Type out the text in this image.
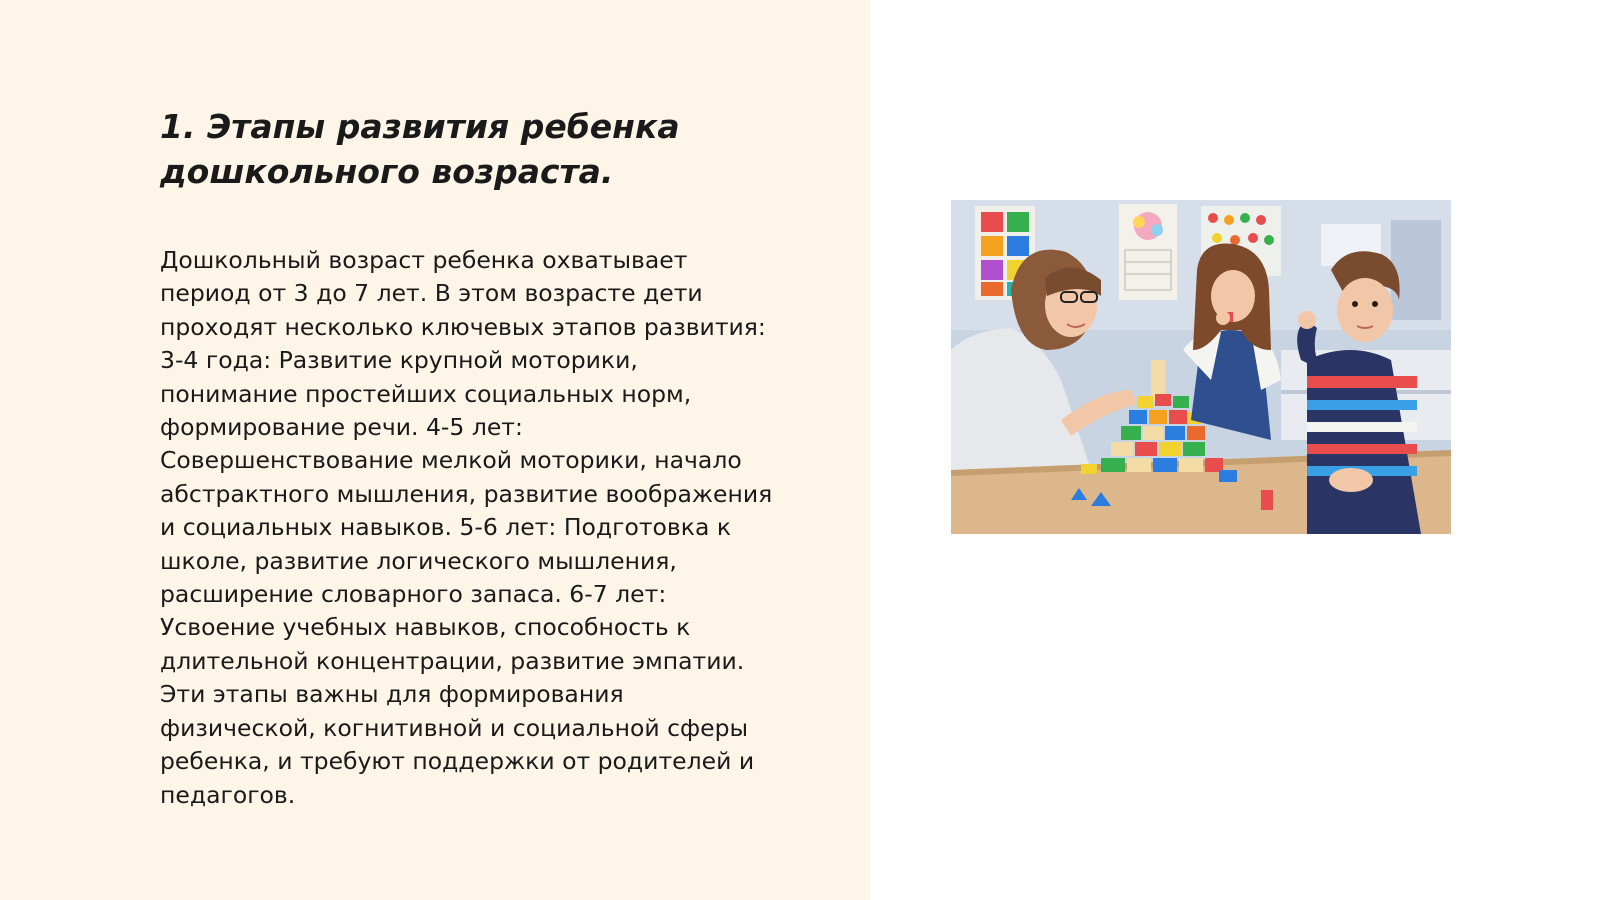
1. Этапы развития ребенка
дошкольного возраста.
Дошкольный возраст ребенка охватывает
период от 3 до 7 лет. В этом возрасте дети
проходят несколько ключевых этапов развития:
3-4 года: Развитие крупной моторики,
понимание простейших социальных норм,
формирование речи. 4-5 лет:
Совершенствование мелкой моторики, начало
абстрактного мышления, развитие воображения
и социальных навыков. 5-6 лет: Подготовка к
школе, развитие логического мышления,
расширение словарного запаса. 6-7 лет:
Усвоение учебных навыков, способность к
длительной концентрации, развитие эмпатии.
Эти этапы важны для формирования
физической, когнитивной и социальной сферы
ребенка, и требуют поддержки от родителей и
педагогов.
